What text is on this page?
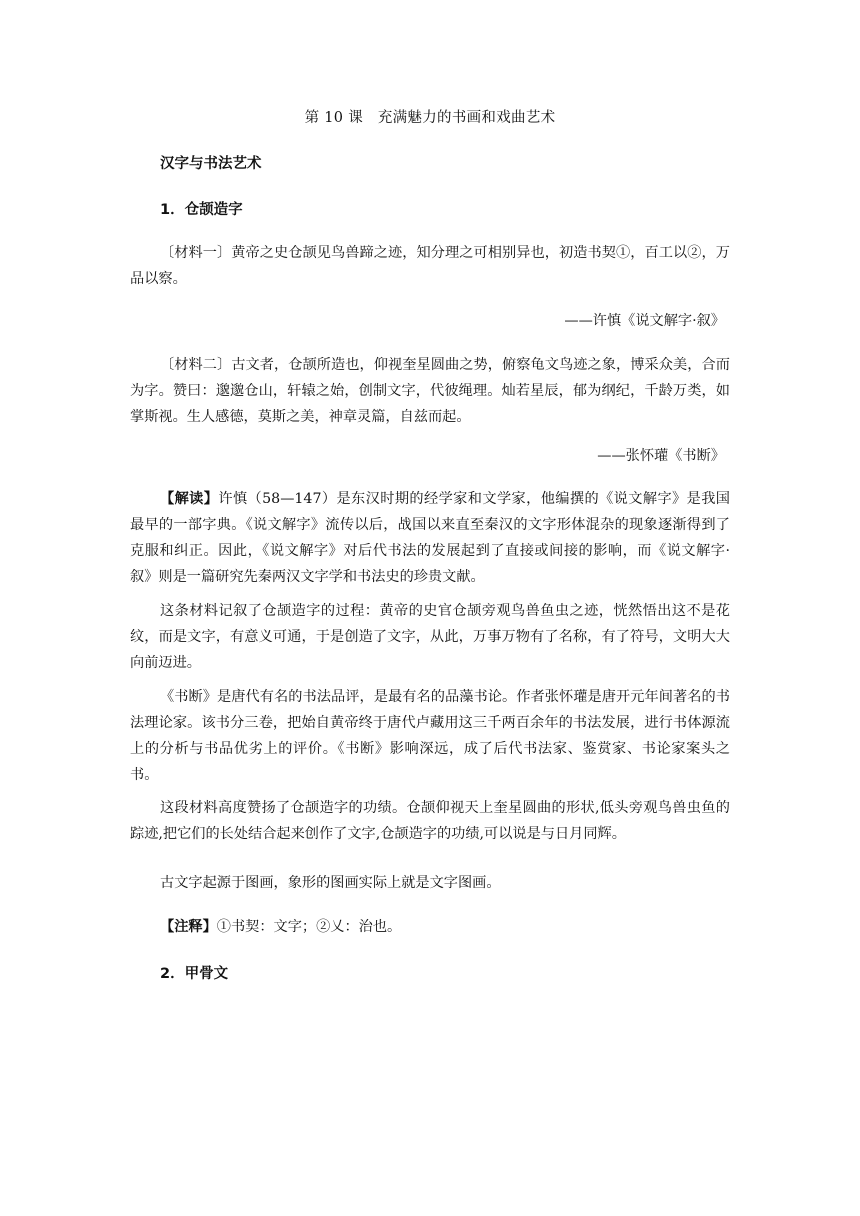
第 10 课　充满魅力的书画和戏曲艺术
汉字与书法艺术
1．仓颉造字

〔材料一〕黄帝之史仓颉见鸟兽蹄之迹，知分理之可相别异也，初造书契①，百工以②，万品以察。

——许慎《说文解字·叙》

〔材料二〕古文者，仓颉所造也，仰视奎星圆曲之势，俯察龟文鸟迹之象，博采众美，合而为字。赞曰：邈邈仓山，轩辕之始，创制文字，代彼绳理。灿若星辰，郁为纲纪，千龄万类，如掌斯视。生人感德，莫斯之美，神章灵篇，自兹而起。

——张怀瓘《书断》

【解读】许慎（58—147）是东汉时期的经学家和文学家，他编撰的《说文解字》是我国最早的一部字典。《说文解字》流传以后，战国以来直至秦汉的文字形体混杂的现象逐渐得到了克服和纠正。因此，《说文解字》对后代书法的发展起到了直接或间接的影响，而《说文解字·叙》则是一篇研究先秦两汉文字学和书法史的珍贵文献。

这条材料记叙了仓颉造字的过程：黄帝的史官仓颉旁观鸟兽鱼虫之迹，恍然悟出这不是花纹，而是文字，有意义可通，于是创造了文字，从此，万事万物有了名称，有了符号，文明大大向前迈进。

《书断》是唐代有名的书法品评，是最有名的品藻书论。作者张怀瓘是唐开元年间著名的书法理论家。该书分三卷，把始自黄帝终于唐代卢藏用这三千两百余年的书法发展，进行书体源流上的分析与书品优劣上的评价。《书断》影响深远，成了后代书法家、鉴赏家、书论家案头之书。

这段材料高度赞扬了仓颉造字的功绩。仓颉仰视天上奎星圆曲的形状,低头旁观鸟兽虫鱼的踪迹,把它们的长处结合起来创作了文字,仓颉造字的功绩,可以说是与日月同辉。

古文字起源于图画，象形的图画实际上就是文字图画。

【注释】①书契：文字；②乂：治也。

2．甲骨文
